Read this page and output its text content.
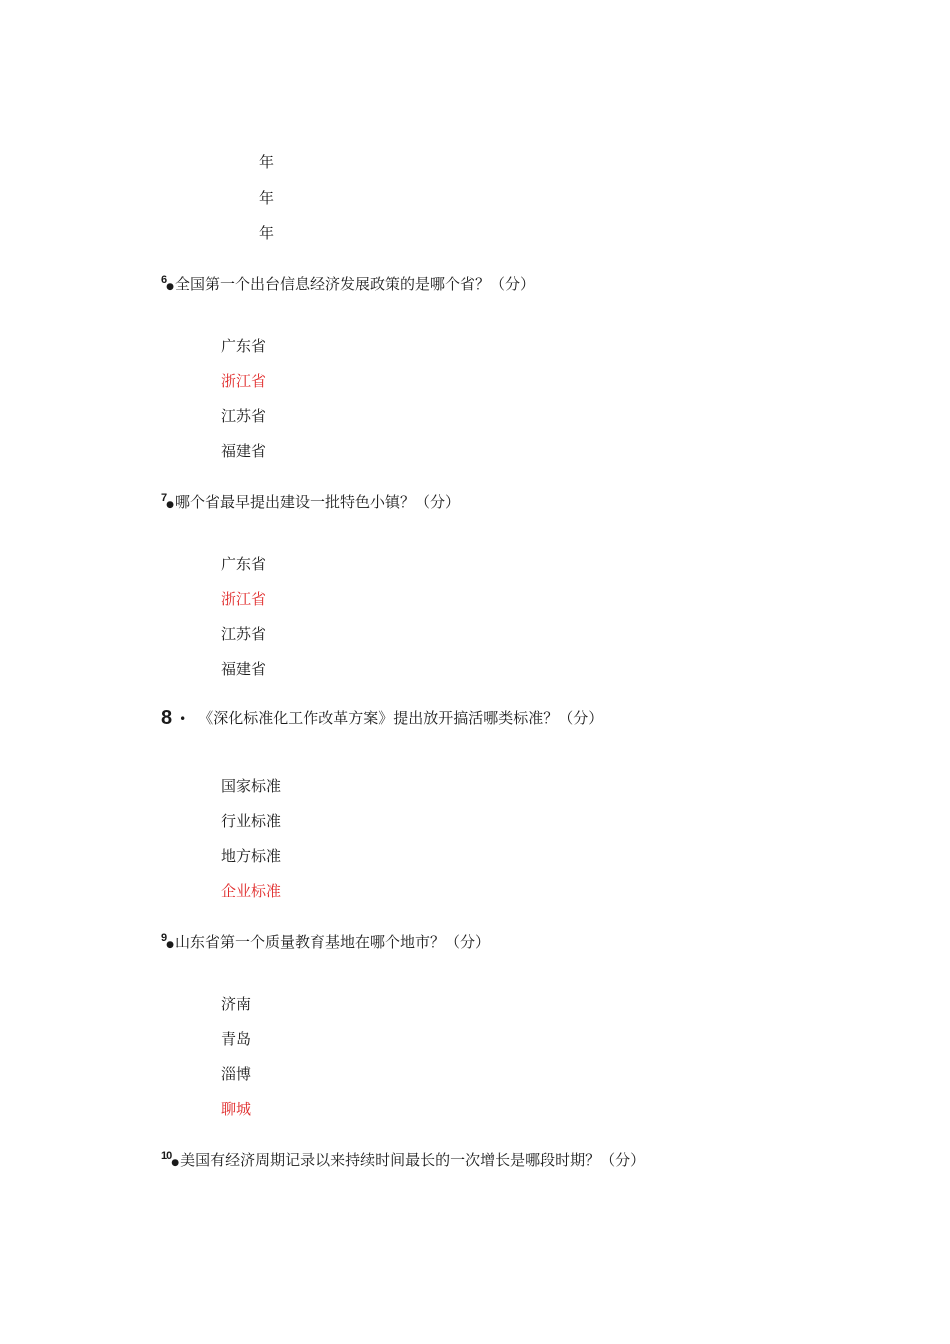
年
年
年
$^6$●全国第一个出台信息经济发展政策的是哪个省？（分）
广东省
浙江省
江苏省
福建省
$^7$●哪个省最早提出建设一批特色小镇？（分）
广东省
浙江省
江苏省
福建省
8 • 《深化标准化工作改革方案》提出放开搞活哪类标准？（分）
国家标准
行业标准
地方标准
企业标准
$^9$●山东省第一个质量教育基地在哪个地市？（分）
济南
青岛
淄博
聊城
$^{10}$●美国有经济周期记录以来持续时间最长的一次增长是哪段时期？（分）
